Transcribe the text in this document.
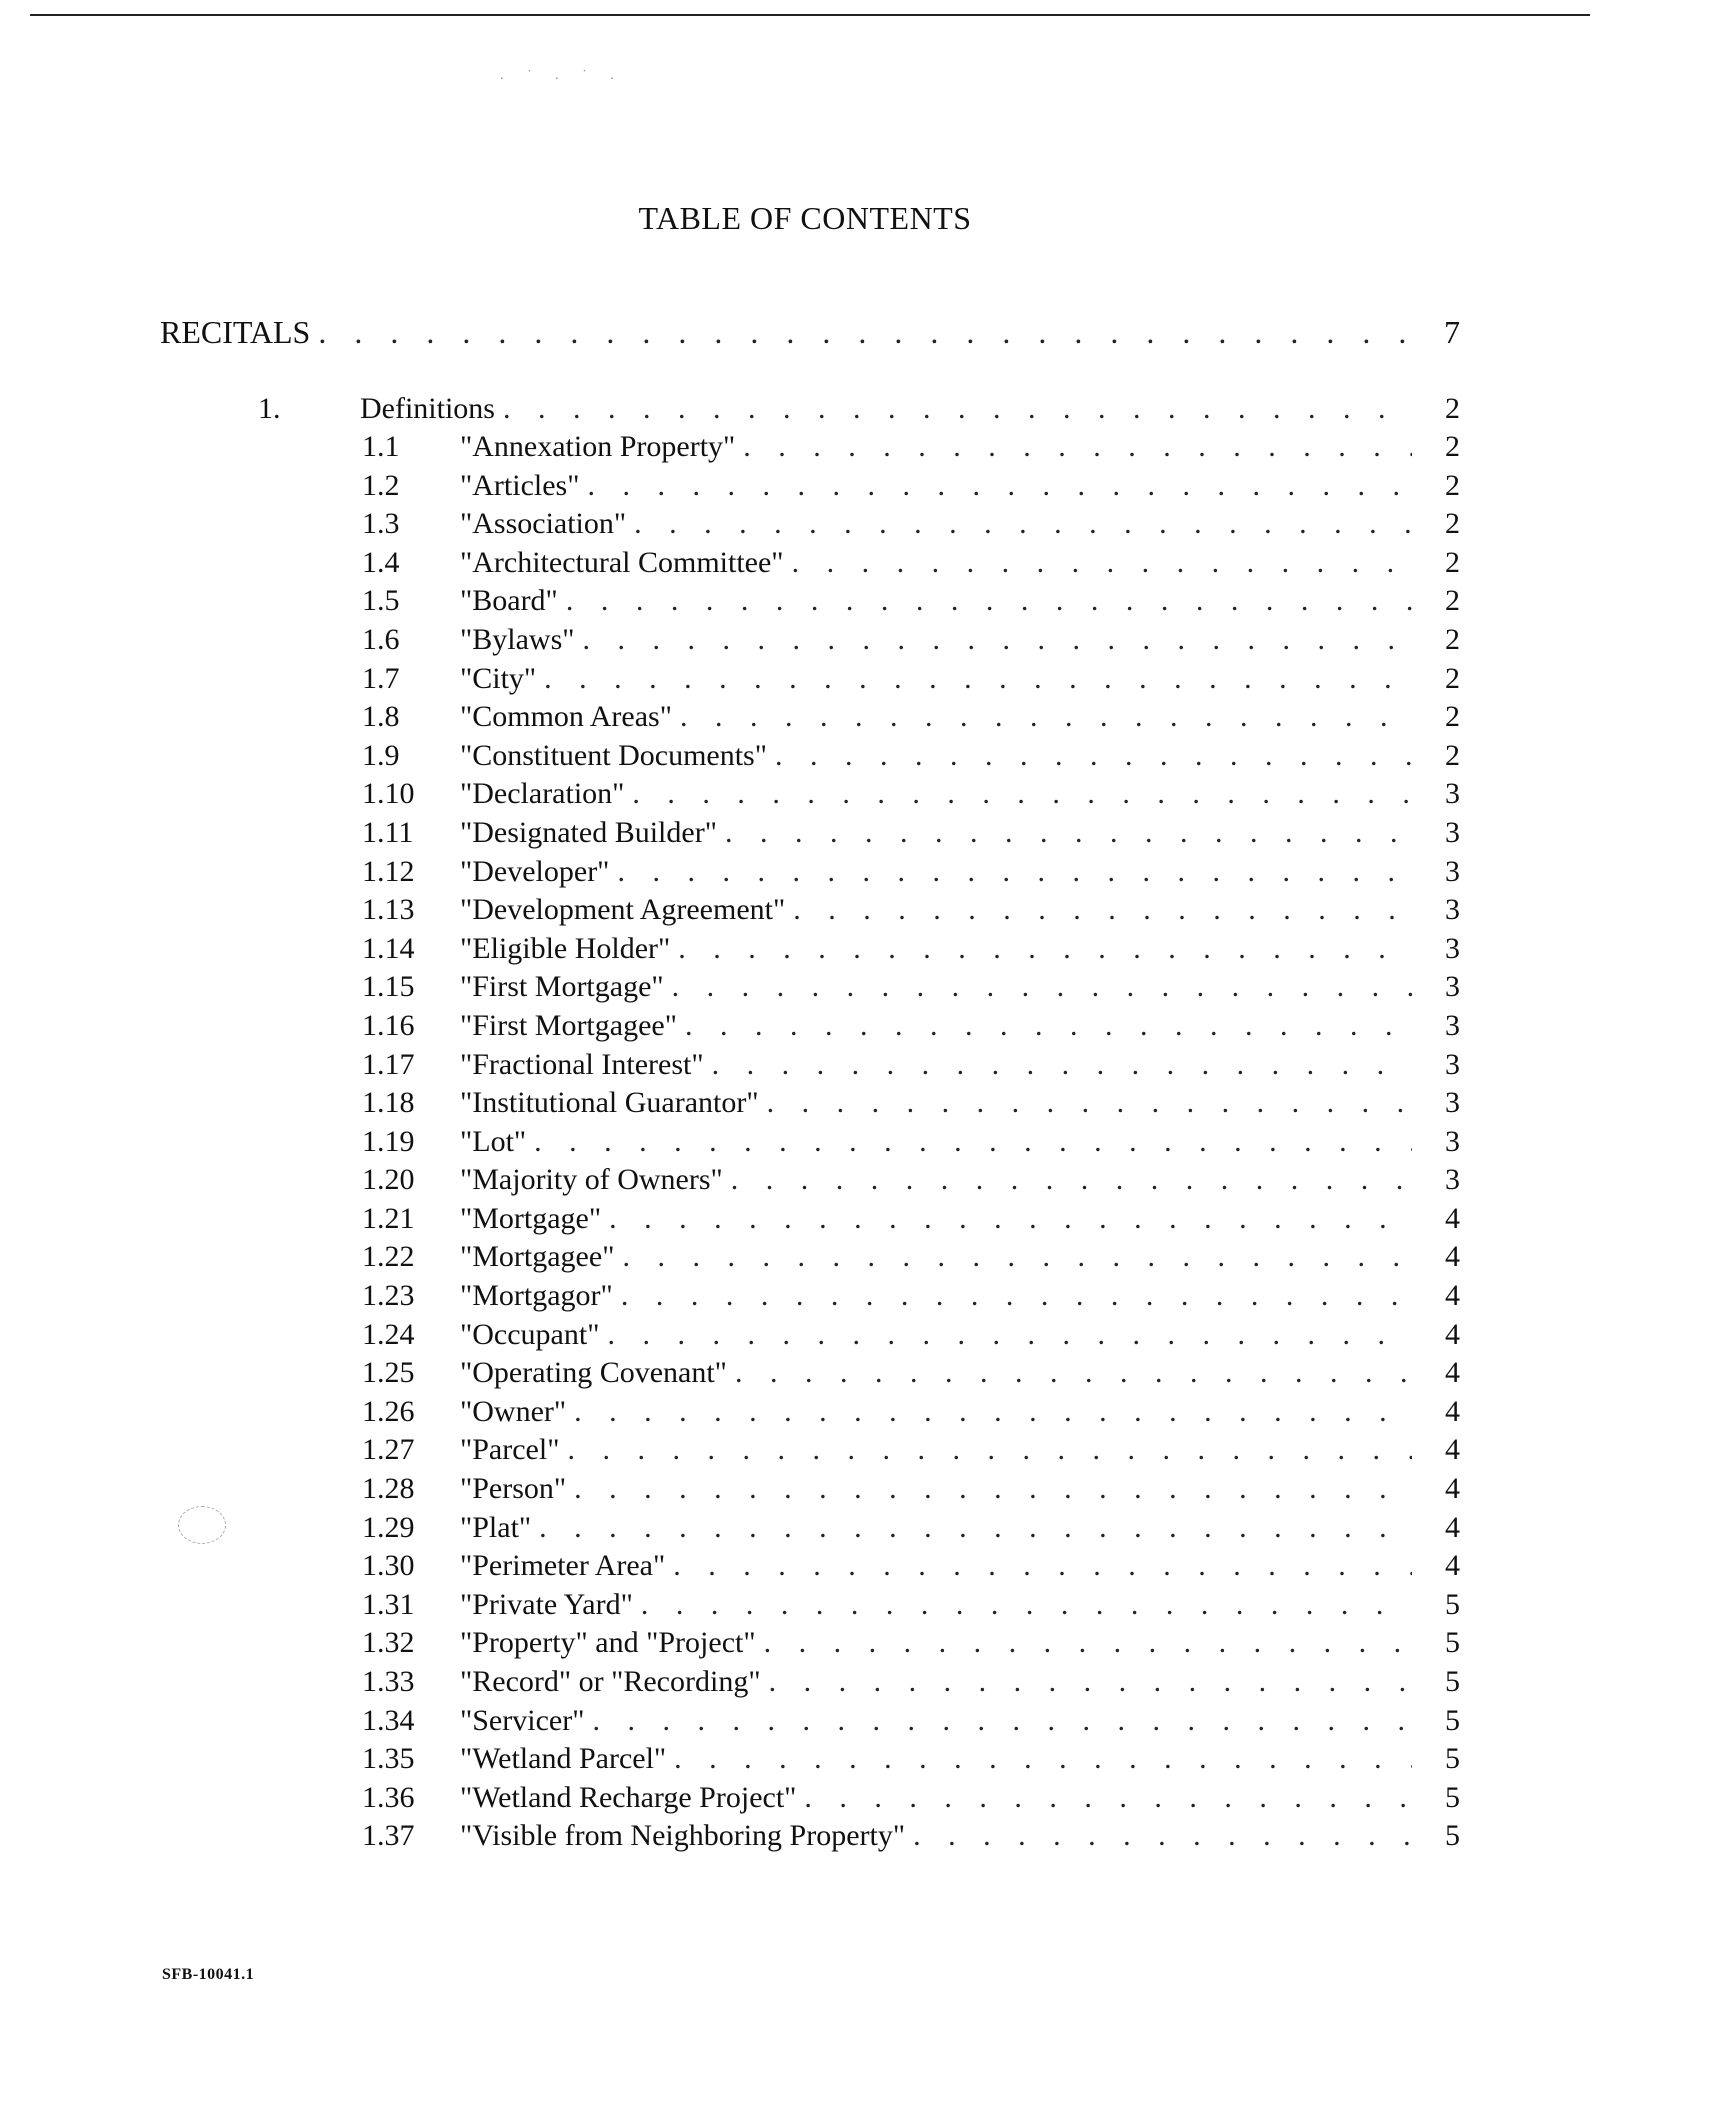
. ˙ . ˙ .
TABLE OF CONTENTS
RECITALS . . .	7
1.	Definitions . . .	2
1.1	"Annexation Property" . . .	2
1.2	"Articles" . . .	2
1.3	"Association" . . .	2
1.4	"Architectural Committee" . . .	2
1.5	"Board" . . .	2
1.6	"Bylaws" . . .	2
1.7	"City" . . .	2
1.8	"Common Areas" . . .	2
1.9	"Constituent Documents" . . .	2
1.10	"Declaration" . . .	3
1.11	"Designated Builder" . . .	3
1.12	"Developer" . . .	3
1.13	"Development Agreement" . . .	3
1.14	"Eligible Holder" . . .	3
1.15	"First Mortgage" . . .	3
1.16	"First Mortgagee" . . .	3
1.17	"Fractional Interest" . . .	3
1.18	"Institutional Guarantor" . . .	3
1.19	"Lot" . . .	3
1.20	"Majority of Owners" . . .	3
1.21	"Mortgage" . . .	4
1.22	"Mortgagee" . . .	4
1.23	"Mortgagor" . . .	4
1.24	"Occupant" . . .	4
1.25	"Operating Covenant" . . .	4
1.26	"Owner" . . .	4
1.27	"Parcel" . . .	4
1.28	"Person" . . .	4
1.29	"Plat" . . .	4
1.30	"Perimeter Area" . . .	4
1.31	"Private Yard" . . .	5
1.32	"Property" and "Project" . . .	5
1.33	"Record" or "Recording" . . .	5
1.34	"Servicer" . . .	5
1.35	"Wetland Parcel" . . .	5
1.36	"Wetland Recharge Project" . . .	5
1.37	"Visible from Neighboring Property" . . .	5
SFB-10041.1
